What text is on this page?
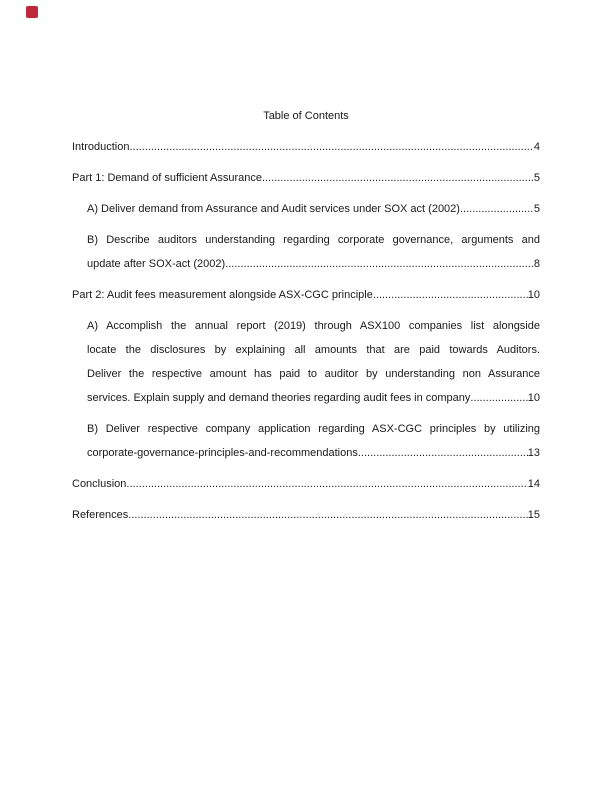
Table of Contents
Introduction .....	4
Part 1: Demand of sufficient Assurance .....	5
A) Deliver demand from Assurance and Audit services under SOX act (2002) .....	5
B) Describe auditors understanding regarding corporate governance, arguments and
update after SOX-act (2002) .....	8
Part 2: Audit fees measurement alongside ASX-CGC principle .....	10
A) Accomplish the annual report (2019) through ASX100 companies list alongside
locate the disclosures by explaining all amounts that are paid towards Auditors.
Deliver the respective amount has paid to auditor by understanding non Assurance
services. Explain supply and demand theories regarding audit fees in company .....	10
B) Deliver respective company application regarding ASX-CGC principles by utilizing
corporate-governance-principles-and-recommendations .....	13
Conclusion .....	14
References .....	15
